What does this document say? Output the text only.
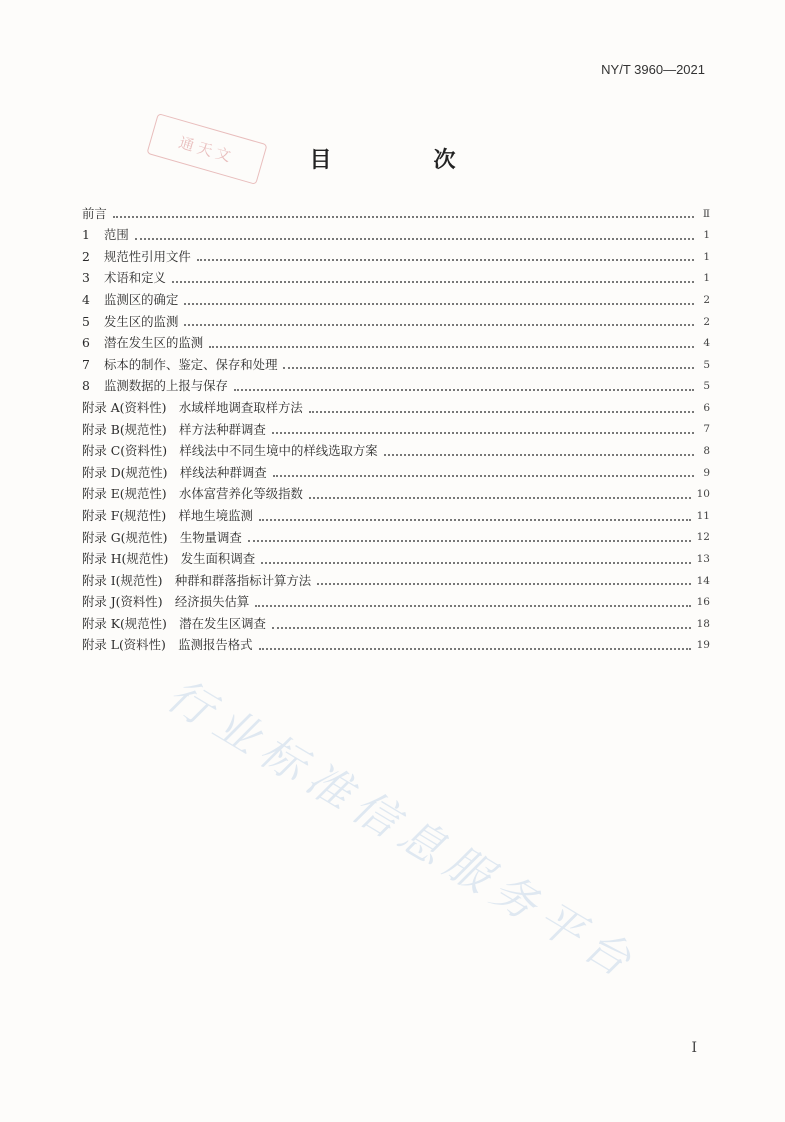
NY/T 3960—2021
通天文	目　次
前言	Ⅱ
1	范围	1
2	规范性引用文件	1
3	术语和定义	1
4	监测区的确定	2
5	发生区的监测	2
6	潜在发生区的监测	4
7	标本的制作、鉴定、保存和处理	5
8	监测数据的上报与保存	5
附录 A(资料性)　水域样地调查取样方法	6
附录 B(规范性)　样方法种群调查	7
附录 C(资料性)　样线法中不同生境中的样线选取方案	8
附录 D(规范性)　样线法种群调查	9
附录 E(规范性)　水体富营养化等级指数	10
附录 F(规范性)　样地生境监测	11
附录 G(规范性)　生物量调查	12
附录 H(规范性)　发生面积调查	13
附录 I(规范性)　种群和群落指标计算方法	14
附录 J(资料性)　经济损失估算	16
附录 K(规范性)　潜在发生区调查	18
附录 L(资料性)　监测报告格式	19
行业标准信息服务平台
Ⅰ
